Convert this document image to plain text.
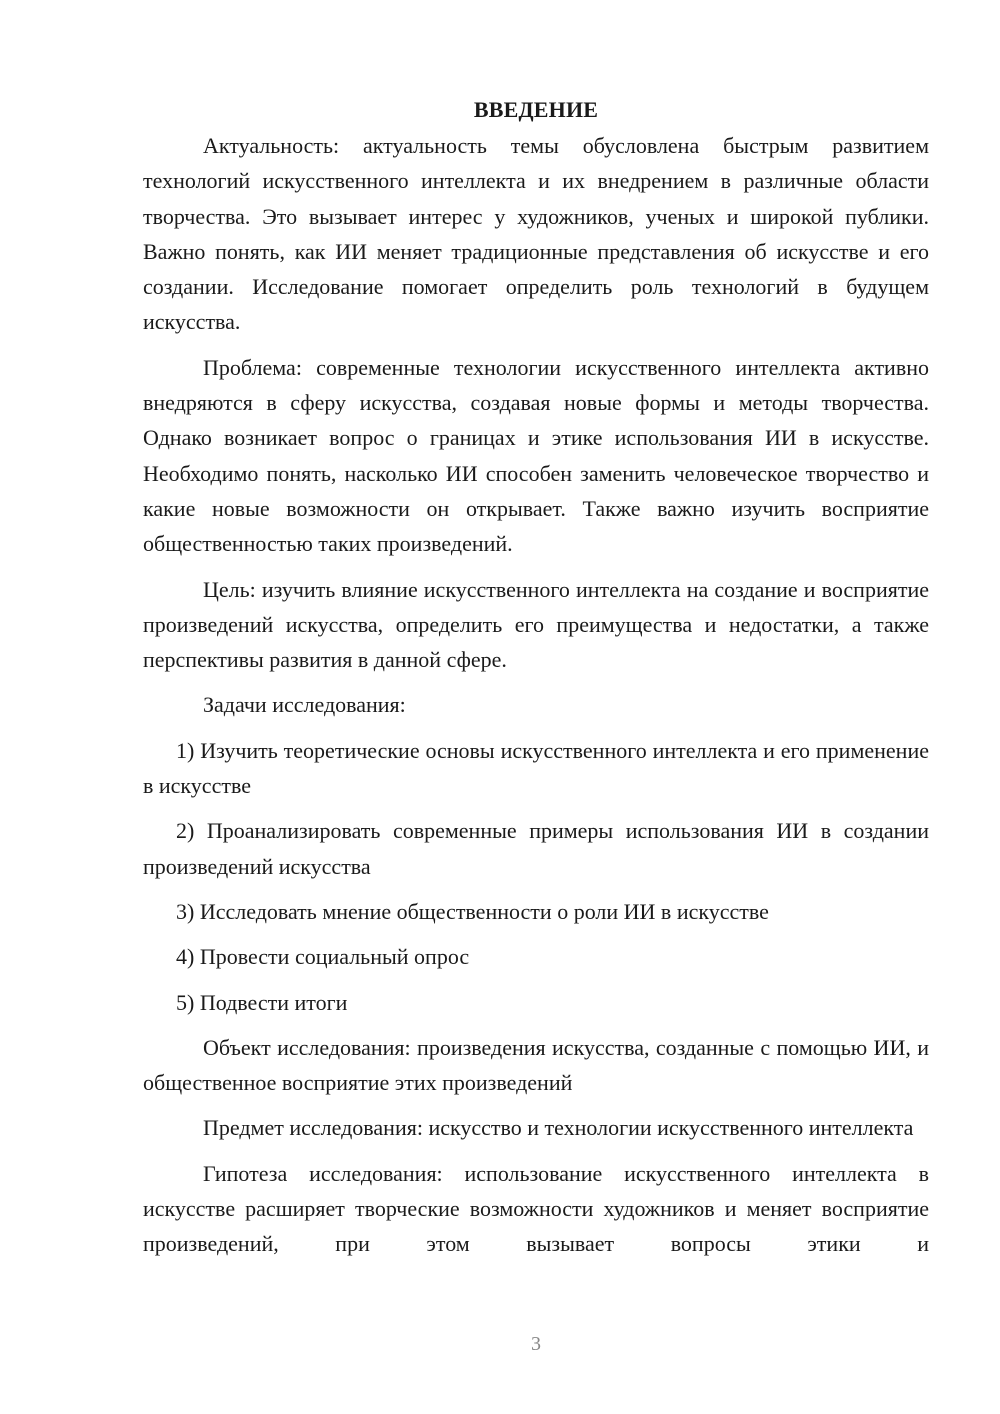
ВВЕДЕНИЕ

Актуальность: актуальность темы обусловлена быстрым развитием технологий искусственного интеллекта и их внедрением в различные области творчества. Это вызывает интерес у художников, ученых и широкой публики. Важно понять, как ИИ меняет традиционные представления об искусстве и его создании. Исследование помогает определить роль технологий в будущем искусства.

Проблема: современные технологии искусственного интеллекта активно внедряются в сферу искусства, создавая новые формы и методы творчества. Однако возникает вопрос о границах и этике использования ИИ в искусстве. Необходимо понять, насколько ИИ способен заменить человеческое творчество и какие новые возможности он открывает. Также важно изучить восприятие общественностью таких произведений.

Цель: изучить влияние искусственного интеллекта на создание и восприятие произведений искусства, определить его преимущества и недостатки, а также перспективы развития в данной сфере.

Задачи исследования:

1) Изучить теоретические основы искусственного интеллекта и его применение в искусстве

2) Проанализировать современные примеры использования ИИ в создании произведений искусства

3) Исследовать мнение общественности о роли ИИ в искусстве

4) Провести социальный опрос

5) Подвести итоги

Объект исследования: произведения искусства, созданные с помощью ИИ, и общественное восприятие этих произведений

Предмет исследования: искусство и технологии искусственного интеллекта

Гипотеза исследования: использование искусственного интеллекта в искусстве расширяет творческие возможности художников и меняет восприятие произведений, при этом вызывает вопросы этики и

3
